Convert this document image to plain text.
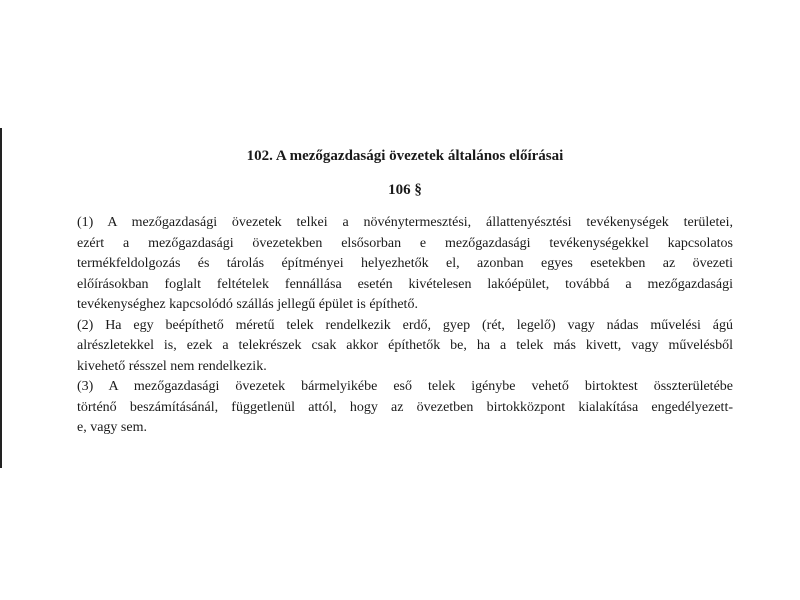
102. A mezőgazdasági övezetek általános előírásai

106 §

(1) A mezőgazdasági övezetek telkei a növénytermesztési, állattenyésztési tevékenységek területei,
ezért a mezőgazdasági övezetekben elsősorban e mezőgazdasági tevékenységekkel kapcsolatos
termékfeldolgozás és tárolás építményei helyezhetők el, azonban egyes esetekben az övezeti
előírásokban foglalt feltételek fennállása esetén kivételesen lakóépület, továbbá a mezőgazdasági
tevékenységhez kapcsolódó szállás jellegű épület is építhető.

(2) Ha egy beépíthető méretű telek rendelkezik erdő, gyep (rét, legelő) vagy nádas művelési ágú
alrészletekkel is, ezek a telekrészek csak akkor építhetők be, ha a telek más kivett, vagy művelésből
kivehető résszel nem rendelkezik.

(3) A mezőgazdasági övezetek bármelyikébe eső telek igénybe vehető birtoktest összterületébe
történő beszámításánál, függetlenül attól, hogy az övezetben birtokközpont kialakítása engedélyezett-
e, vagy sem.
